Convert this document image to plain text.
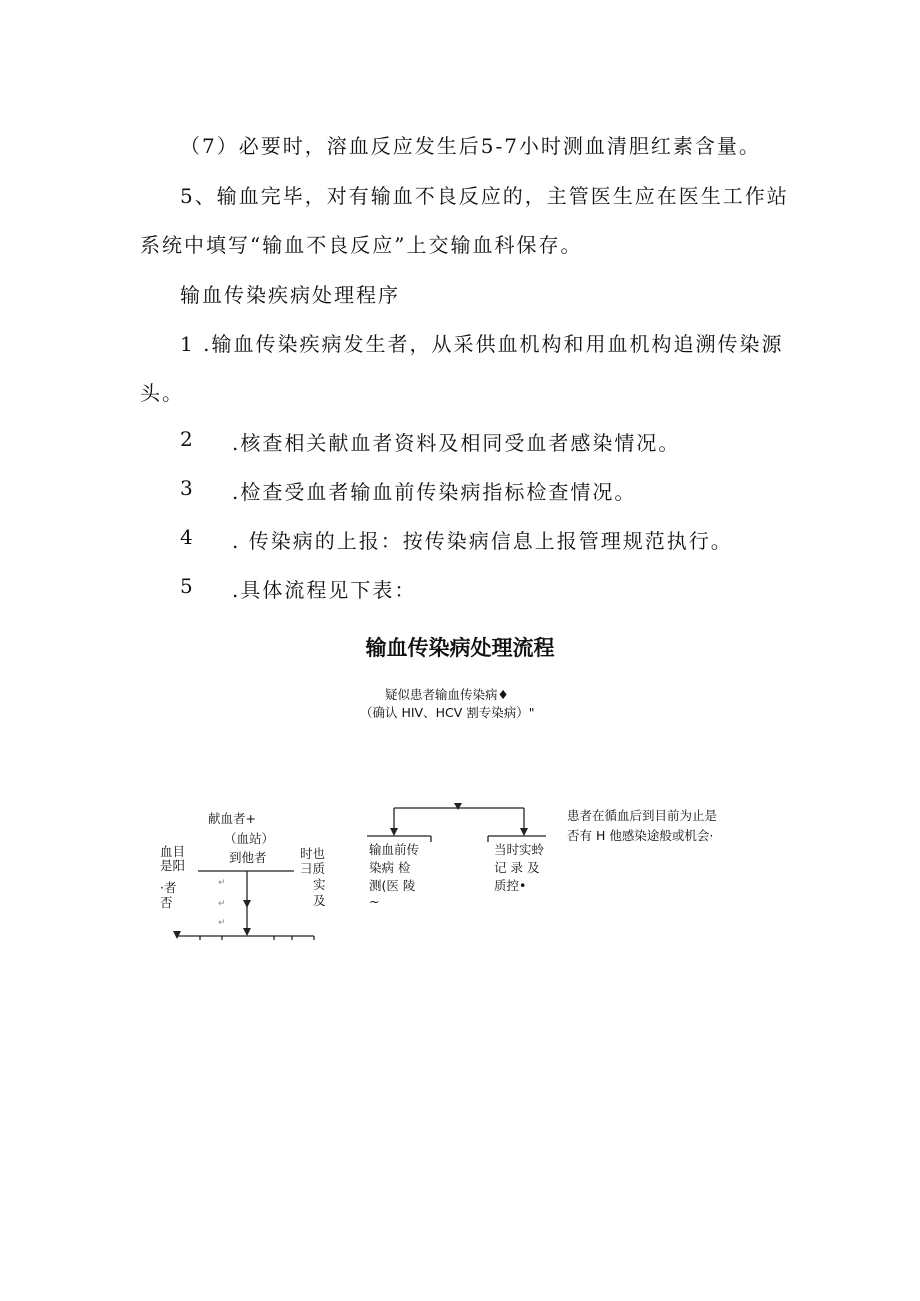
（7）必要时，溶血反应发生后5-7小时测血清胆红素含量。

5、输血完毕，对有输血不良反应的，主管医生应在医生工作站

系统中填写“输血不良反应”上交输血科保存。

输血传染疾病处理程序

1 .输血传染疾病发生者，从采供血机构和用血机构追溯传染源

头。

2 .核查相关献血者资料及相同受血者感染情况。

3 .检查受血者输血前传染病指标检查情况。

4 . 传染病的上报：按传染病信息上报管理规范执行。

5 .具体流程见下表：

输血传染病处理流程
疑似患者输血传染病♦
（确认 HIV、HCV 割专染病）"
献血者+
（血站）
到他者
血目
是阳
·者
否
时也
彐质
实
及
↵
↵
↵
输血前传
染病 检
测(医 陵
~
当时实蛉
记 录 及
质控•
患者在循血后到目前为止是
否有 H 他感染途般或机会·
